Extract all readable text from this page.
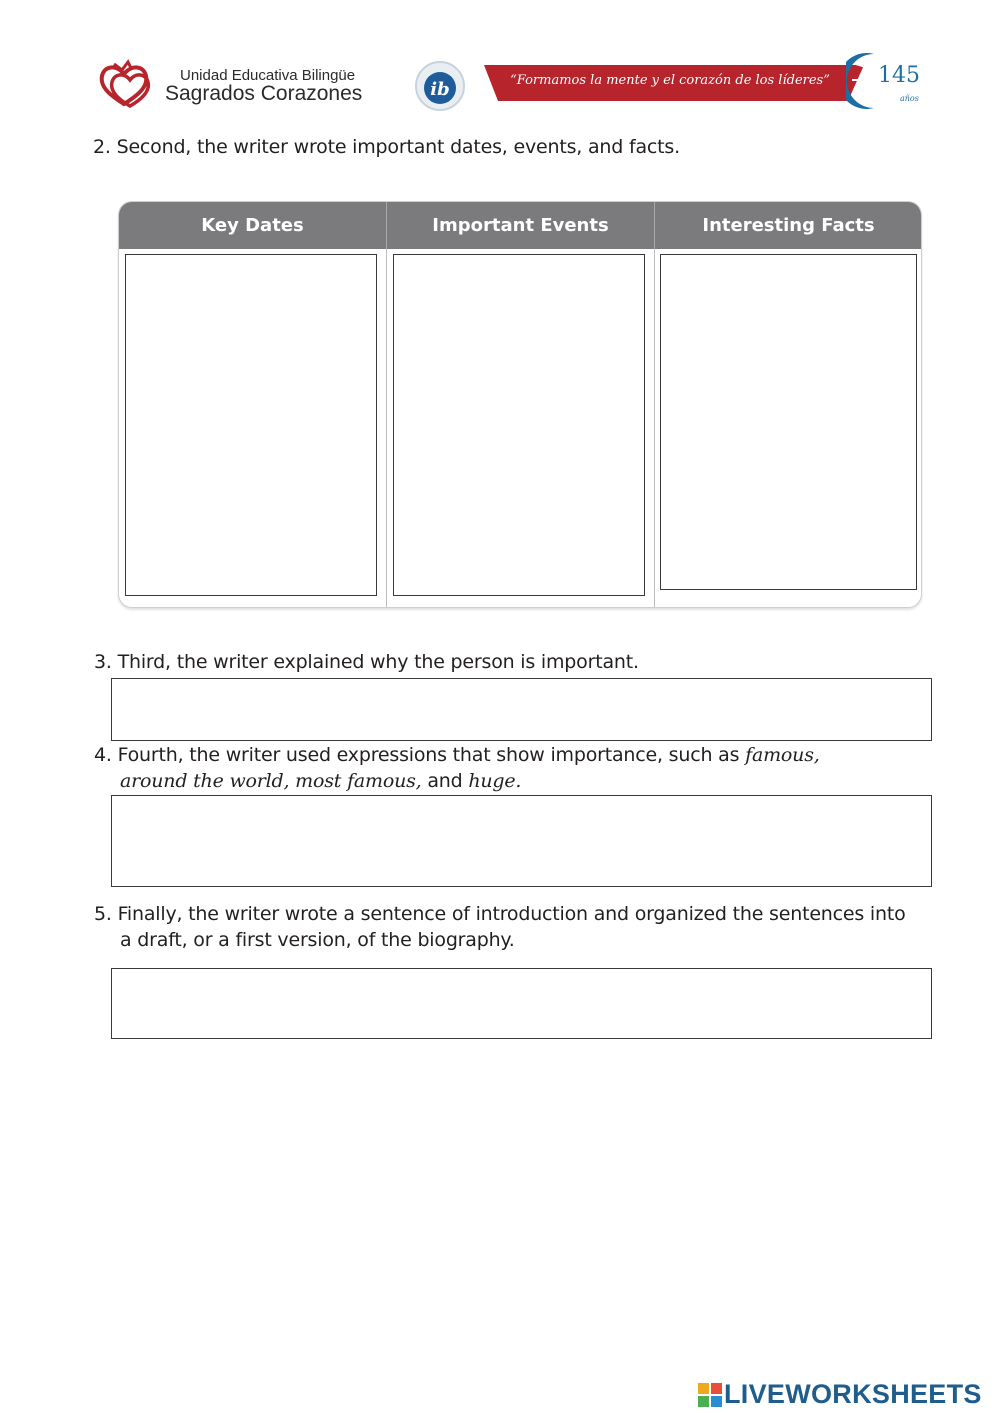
Unidad Educativa Bilingüe
Sagrados Corazones	ib	“Formamos la mente y el corazón de los líderes”	145
años
2. Second, the writer wrote important dates, events, and facts.
Key Dates	Important Events	Interesting Facts
3. Third, the writer explained why the person is important.
4. Fourth, the writer used expressions that show importance, such as famous,
around the world, most famous, and huge.
5. Finally, the writer wrote a sentence of introduction and organized the sentences into
a draft, or a first version, of the biography.
LIVEWORKSHEETS
